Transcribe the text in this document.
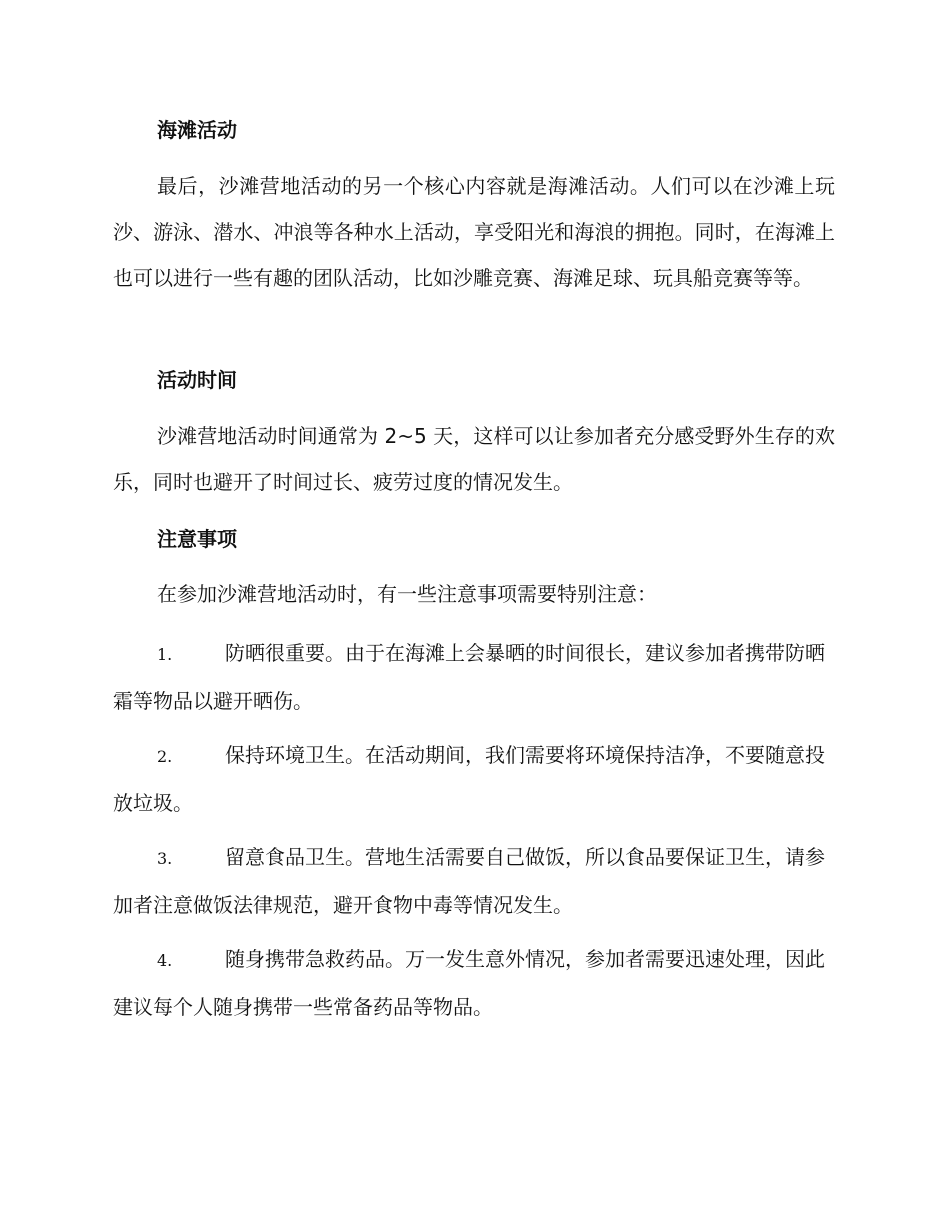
海滩活动

最后，沙滩营地活动的另一个核心内容就是海滩活动。人们可以在沙滩上玩沙、游泳、潜水、冲浪等各种水上活动，享受阳光和海浪的拥抱。同时，在海滩上也可以进行一些有趣的团队活动，比如沙雕竞赛、海滩足球、玩具船竞赛等等。

活动时间

沙滩营地活动时间通常为 2~5 天，这样可以让参加者充分感受野外生存的欢乐，同时也避开了时间过长、疲劳过度的情况发生。

注意事项

在参加沙滩营地活动时，有一些注意事项需要特别注意：

1.	防晒很重要。由于在海滩上会暴晒的时间很长，建议参加者携带防晒霜等物品以避开晒伤。
2.	保持环境卫生。在活动期间，我们需要将环境保持洁净，不要随意投放垃圾。
3.	留意食品卫生。营地生活需要自己做饭，所以食品要保证卫生，请参加者注意做饭法律规范，避开食物中毒等情况发生。
4.	随身携带急救药品。万一发生意外情况，参加者需要迅速处理，因此建议每个人随身携带一些常备药品等物品。
